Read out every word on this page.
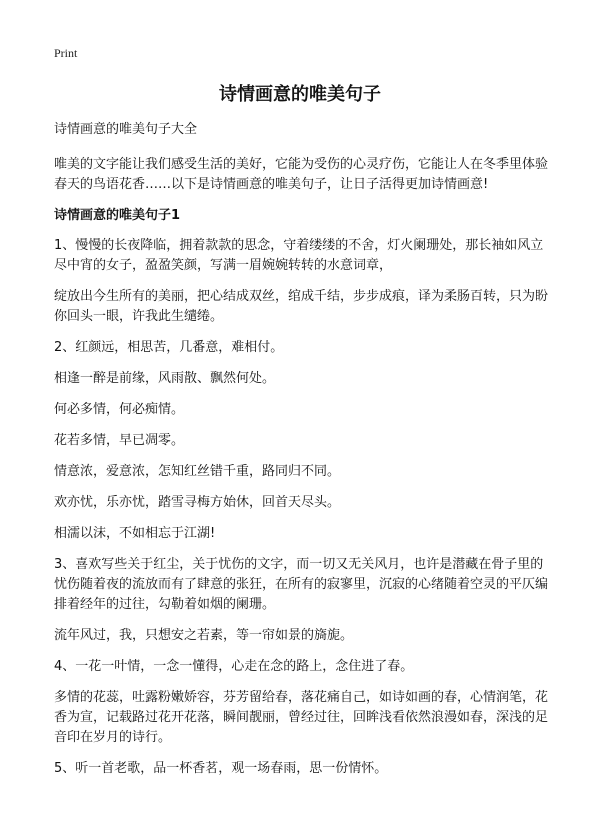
Print
诗情画意的唯美句子

诗情画意的唯美句子大全

唯美的文字能让我们感受生活的美好，它能为受伤的心灵疗伤，它能让人在冬季里体验春天的鸟语花香……以下是诗情画意的唯美句子，让日子活得更加诗情画意!

诗情画意的唯美句子1

1、慢慢的长夜降临，拥着款款的思念，守着缕缕的不舍，灯火阑珊处，那长袖如风立尽中宵的女子，盈盈笑颜，写满一眉婉婉转转的水意词章，

绽放出今生所有的美丽，把心结成双丝，绾成千结，步步成痕，译为柔肠百转，只为盼你回头一眼，许我此生缱绻。

2、红颜远，相思苦，几番意，难相付。

相逢一醉是前缘，风雨散、飘然何处。

何必多情，何必痴情。

花若多情，早已凋零。

情意浓，爱意浓，怎知红丝错千重，路同归不同。

欢亦忧，乐亦忧，踏雪寻梅方始休，回首天尽头。

相濡以沫，不如相忘于江湖!

3、喜欢写些关于红尘，关于忧伤的文字，而一切又无关风月，也许是潜藏在骨子里的忧伤随着夜的流放而有了肆意的张狂，在所有的寂寥里，沉寂的心绪随着空灵的平仄编排着经年的过往，勾勒着如烟的阑珊。

流年风过，我，只想安之若素，等一帘如景的旖旎。

4、一花一叶情，一念一懂得，心走在念的路上，念住进了春。

多情的花蕊，吐露粉嫩娇容，芬芳留给春，落花痛自己，如诗如画的春，心情润笔，花香为宣，记载路过花开花落，瞬间靓丽，曾经过往，回眸浅看依然浪漫如春，深浅的足音印在岁月的诗行。

5、听一首老歌，品一杯香茗，观一场春雨，思一份情怀。
